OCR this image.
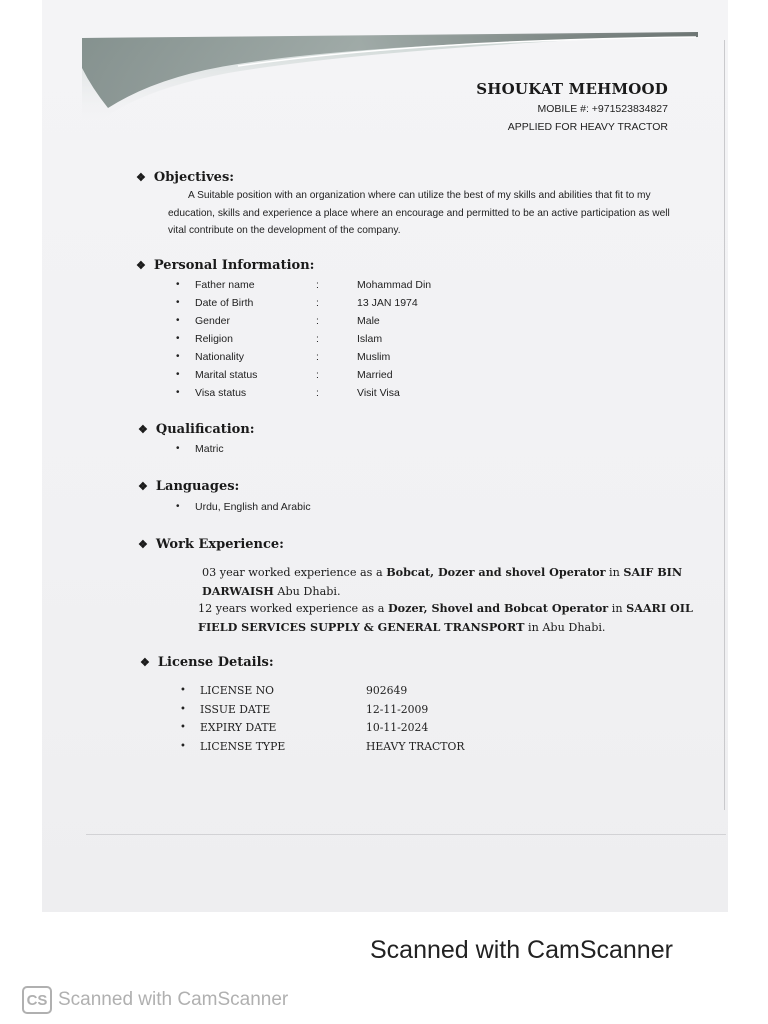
SHOUKAT MEHMOOD
MOBILE #: +971523834827
APPLIED FOR HEAVY TRACTOR
❖ Objectives:
A Suitable position with an organization where can utilize the best of my skills and abilities that fit to my education, skills and experience a place where an encourage and permitted to be an active participation as well vital contribute on the development of the company.
❖ Personal Information:
• Father name	:	Mohammad Din
• Date of Birth	:	13 JAN 1974
• Gender	:	Male
• Religion	:	Islam
• Nationality	:	Muslim
• Marital status	:	Married
• Visa status	:	Visit Visa
❖ Qualification:
• Matric
❖ Languages:
• Urdu, English and Arabic
❖ Work Experience:
03 year worked experience as a Bobcat, Dozer and shovel Operator in SAIF BIN DARWAISH Abu Dhabi.
12 years worked experience as a Dozer, Shovel and Bobcat Operator in SAARI OIL FIELD SERVICES SUPPLY & GENERAL TRANSPORT in Abu Dhabi.
❖ License Details:
• LICENSE NO	902649
• ISSUE DATE	12-11-2009
• EXPIRY DATE	10-11-2024
• LICENSE TYPE	HEAVY TRACTOR
Scanned with CamScanner
CS Scanned with CamScanner
